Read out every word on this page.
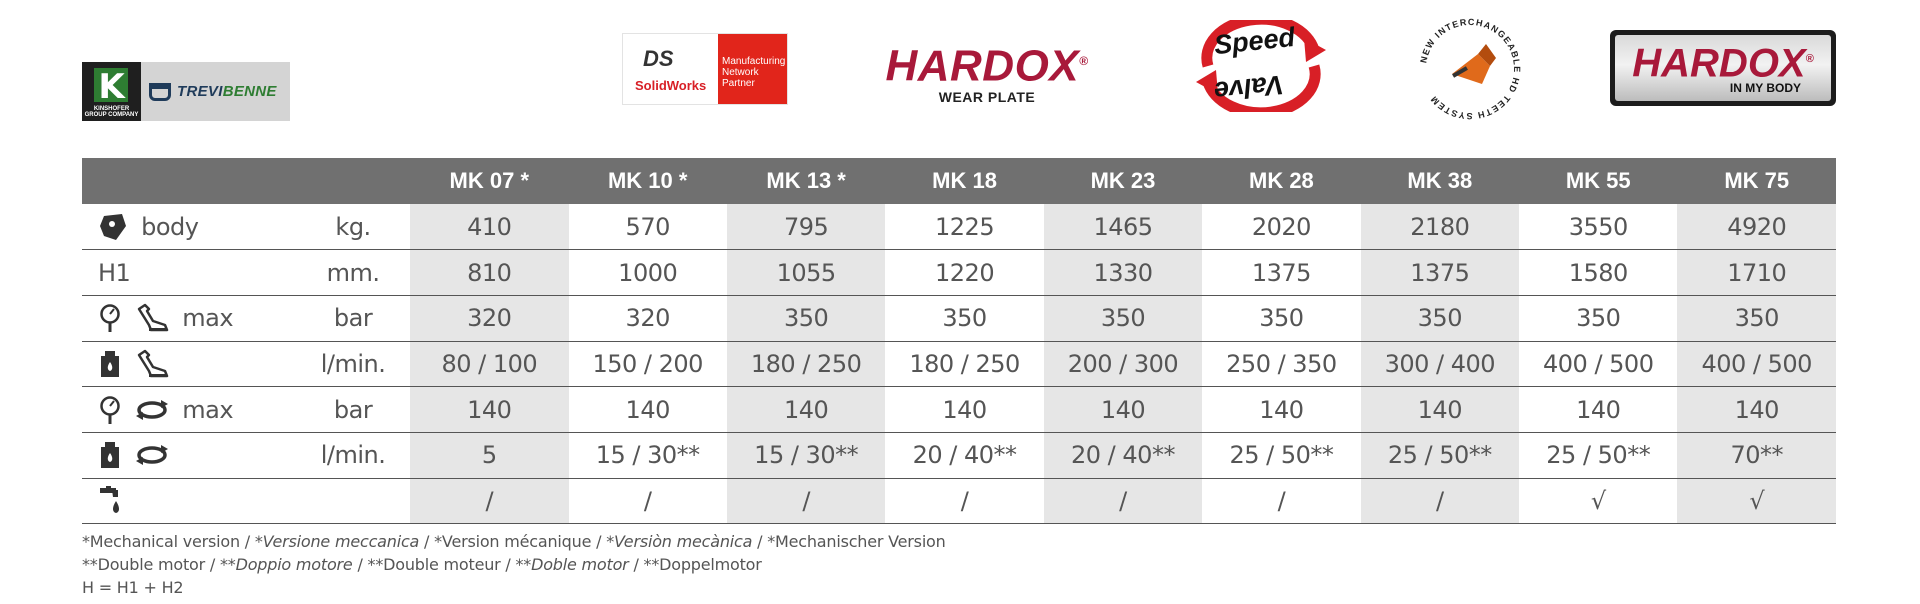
K
KINSHOFER GROUP COMPANY
TREVIBENNE
DS
SolidWorks
Manufacturing
Network
Partner	HARDOX®
WEAR PLATE
Speed
Valve
NEW INTERCHANGEABLE HD TEETH SYSTEM
HARDOX®
IN MY BODY
		MK 07 *	MK 10 *	MK 13 *	MK 18	MK 23	MK 28	MK 38	MK 55	MK 75
body	kg.	410	570	795	1225	1465	2020	2180	3550	4920
H1	mm.	810	1000	1055	1220	1330	1375	1375	1580	1710
max	bar	320	320	350	350	350	350	350	350	350
	l/min.	80 / 100	150 / 200	180 / 250	180 / 250	200 / 300	250 / 350	300 / 400	400 / 500	400 / 500
max	bar	140	140	140	140	140	140	140	140	140
	l/min.	5	15 / 30**	15 / 30**	20 / 40**	20 / 40**	25 / 50**	25 / 50**	25 / 50**	70**
		/	/	/	/	/	/	/	√	√
*Mechanical version / *Versione meccanica / *Version mécanique / *Versiòn mecànica / *Mechanischer Version
**Double motor / **Doppio motore / **Double moteur / **Doble motor / **Doppelmotor
H = H1 + H2
